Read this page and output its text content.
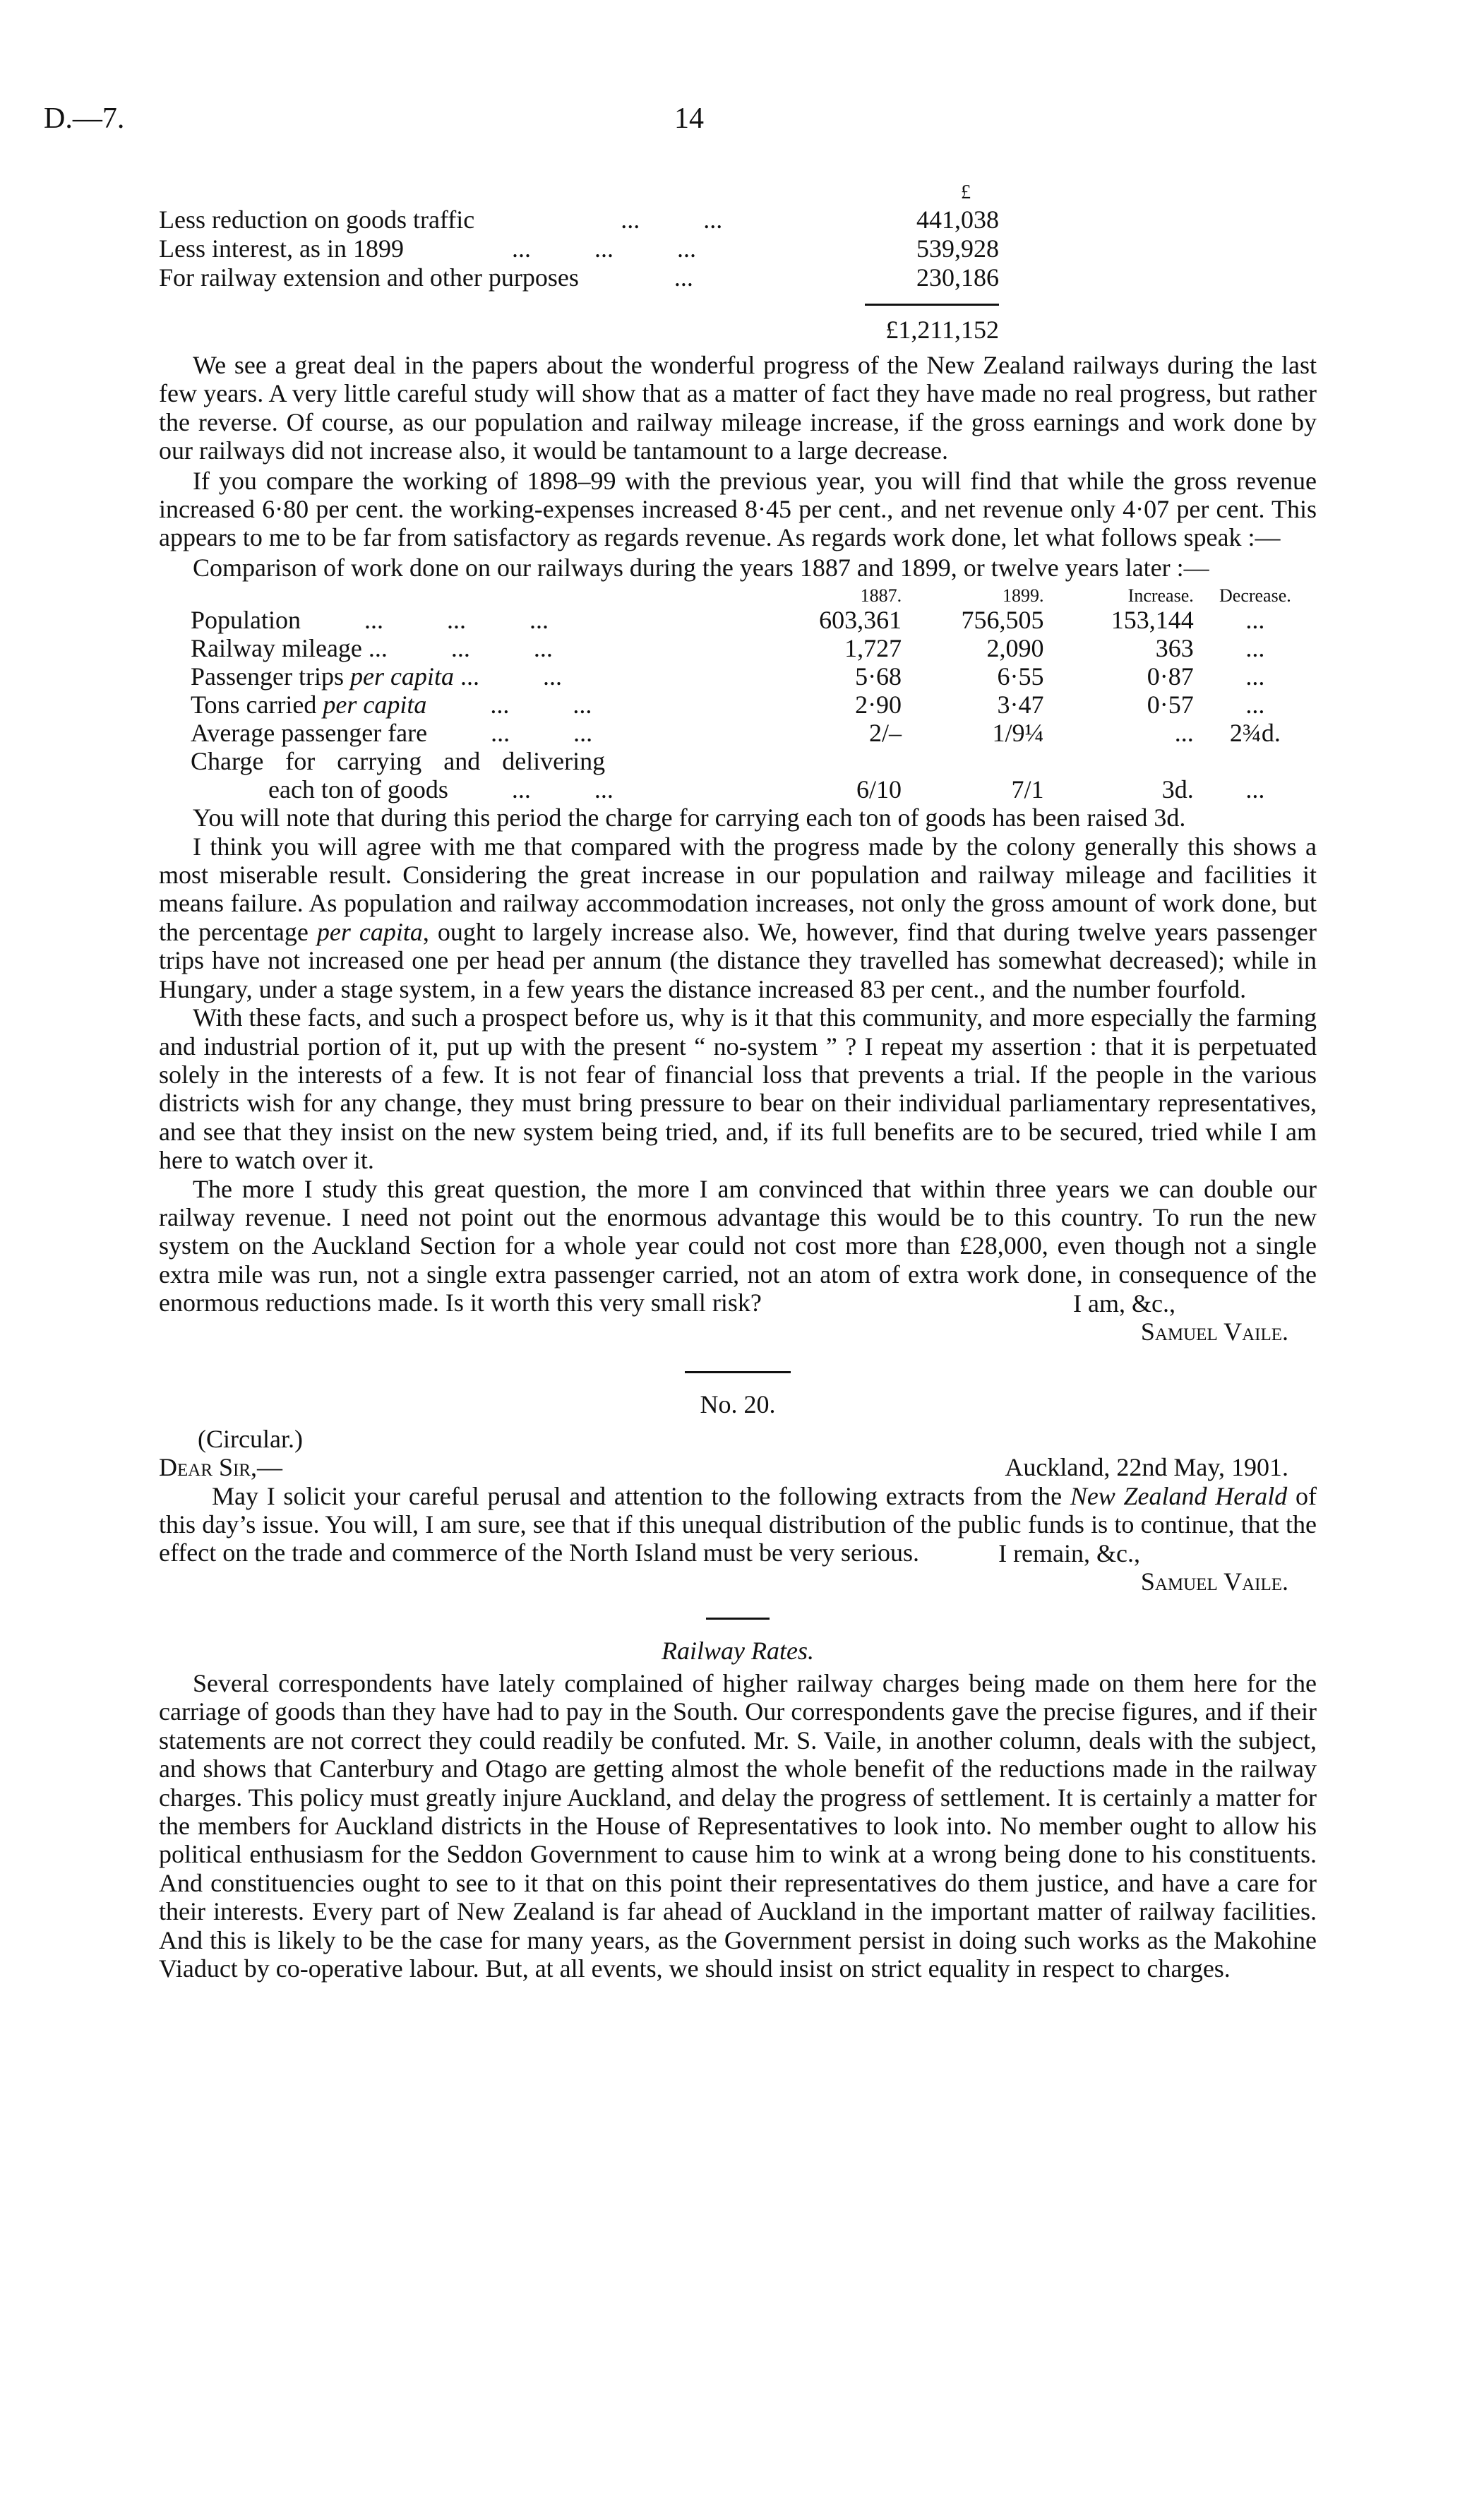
D.—7.	14
£
Less reduction on goods traffic	...          ...	441,038
Less interest, as in 1899	...          ...          ...	539,928
For railway extension and other purposes	...	230,186
£1,211,152

We see a great deal in the papers about the wonderful progress of the New Zealand railways during the last few years. A very little careful study will show that as a matter of fact they have made no real progress, but rather the reverse. Of course, as our population and railway mileage increase, if the gross earnings and work done by our railways did not increase also, it would be tantamount to a large decrease.

If you compare the working of 1898–99 with the previous year, you will find that while the gross revenue increased 6·80 per cent. the working-expenses increased 8·45 per cent., and net revenue only 4·07 per cent. This appears to me to be far from satisfactory as regards revenue. As regards work done, let what follows speak :—

Comparison of work done on our railways during the years 1887 and 1899, or twelve years later :—

	1887.	1899.	Increase.	Decrease.
Population          ...          ...          ...	603,361	756,505	153,144	...
Railway mileage ...          ...          ...	1,727	2,090	363	...
Passenger trips per capita ...          ...	5·68	6·55	0·87	...
Tons carried per capita          ...          ...	2·90	3·47	0·57	...
Average passenger fare          ...          ...	2/–	1/9¼	...	2¾d.
Charge for carrying and delivering				
each ton of goods          ...          ...	6/10	7/1	3d.	...

You will note that during this period the charge for carrying each ton of goods has been raised 3d.

I think you will agree with me that compared with the progress made by the colony generally this shows a most miserable result. Considering the great increase in our population and railway mileage and facilities it means failure. As population and railway accommodation increases, not only the gross amount of work done, but the percentage per capita, ought to largely increase also. We, however, find that during twelve years passenger trips have not increased one per head per annum (the distance they travelled has somewhat decreased); while in Hungary, under a stage system, in a few years the distance increased 83 per cent., and the number fourfold.

With these facts, and such a prospect before us, why is it that this community, and more especially the farming and industrial portion of it, put up with the present “ no-system ” ? I repeat my assertion : that it is perpetuated solely in the interests of a few. It is not fear of financial loss that prevents a trial. If the people in the various districts wish for any change, they must bring pressure to bear on their individual parliamentary representatives, and see that they insist on the new system being tried, and, if its full benefits are to be secured, tried while I am here to watch over it.

The more I study this great question, the more I am convinced that within three years we can double our railway revenue. I need not point out the enormous advantage this would be to this country. To run the new system on the Auckland Section for a whole year could not cost more than £28,000, even though not a single extra mile was run, not a single extra passenger carried, not an atom of extra work done, in consequence of the enormous reductions made. Is it worth this very small risk?	I am, &c.,
Samuel Vaile.
No. 20.
(Circular.)
Dear Sir,—	Auckland, 22nd May, 1901.

May I solicit your careful perusal and attention to the following extracts from the New Zealand Herald of this day’s issue. You will, I am sure, see that if this unequal distribution of the public funds is to continue, that the effect on the trade and commerce of the North Island must be very serious.	I remain, &c.,
Samuel Vaile.
Railway Rates.

Several correspondents have lately complained of higher railway charges being made on them here for the carriage of goods than they have had to pay in the South. Our correspondents gave the precise figures, and if their statements are not correct they could readily be confuted. Mr. S. Vaile, in another column, deals with the subject, and shows that Canterbury and Otago are getting almost the whole benefit of the reductions made in the railway charges. This policy must greatly injure Auckland, and delay the progress of settlement. It is certainly a matter for the members for Auckland districts in the House of Representatives to look into. No member ought to allow his political enthusiasm for the Seddon Government to cause him to wink at a wrong being done to his constituents. And constituencies ought to see to it that on this point their representatives do them justice, and have a care for their interests. Every part of New Zealand is far ahead of Auckland in the important matter of railway facilities. And this is likely to be the case for many years, as the Government persist in doing such works as the Makohine Viaduct by co-operative labour. But, at all events, we should insist on strict equality in respect to charges.
